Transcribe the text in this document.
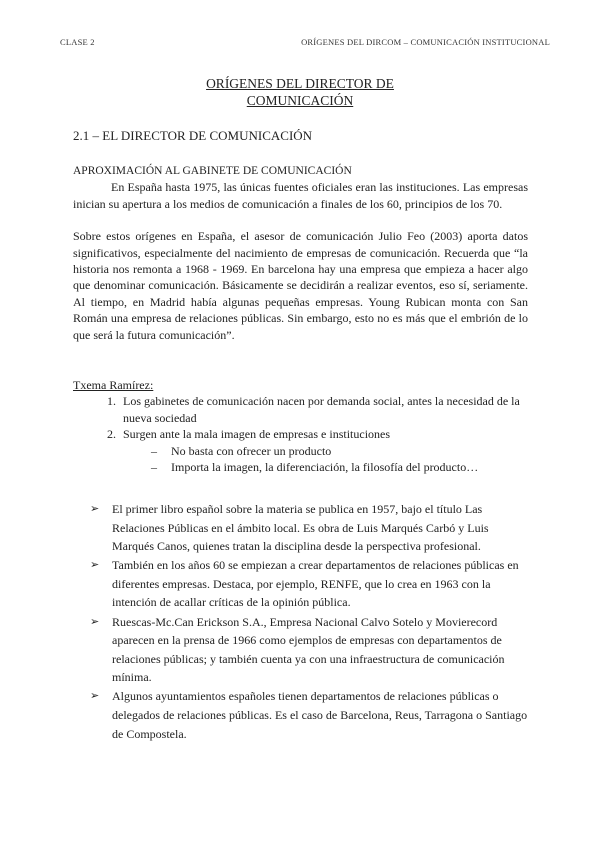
CLASE 2	ORÍGENES DEL DIRCOM – COMUNICACIÓN INSTITUCIONAL
ORÍGENES DEL DIRECTOR DE
COMUNICACIÓN
2.1 – EL DIRECTOR DE COMUNICACIÓN
APROXIMACIÓN AL GABINETE DE COMUNICACIÓN

En España hasta 1975, las únicas fuentes oficiales eran las instituciones. Las empresas inician su apertura a los medios de comunicación a finales de los 60, principios de los 70.

Sobre estos orígenes en España, el asesor de comunicación Julio Feo (2003) aporta datos significativos, especialmente del nacimiento de empresas de comunicación. Recuerda que “la historia nos remonta a 1968 - 1969. En barcelona hay una empresa que empieza a hacer algo que denominar comunicación. Básicamente se decidirán a realizar eventos, eso sí, seriamente. Al tiempo, en Madrid había algunas pequeñas empresas. Young Rubican monta con San Román una empresa de relaciones públicas. Sin embargo, esto no es más que el embrión de lo que será la futura comunicación”.

Txema Ramírez:
1. Los gabinetes de comunicación nacen por demanda social, antes la necesidad de la nueva sociedad
2. Surgen ante la mala imagen de empresas e instituciones
– No basta con ofrecer un producto
– Importa la imagen, la diferenciación, la filosofía del producto…
➢ El primer libro español sobre la materia se publica en 1957, bajo el título Las Relaciones Públicas en el ámbito local. Es obra de Luis Marqués Carbó y Luis Marqués Canos, quienes tratan la disciplina desde la perspectiva profesional.
➢ También en los años 60 se empiezan a crear departamentos de relaciones públicas en diferentes empresas. Destaca, por ejemplo, RENFE, que lo crea en 1963 con la intención de acallar críticas de la opinión pública.
➢ Ruescas-Mc.Can Erickson S.A., Empresa Nacional Calvo Sotelo y Movierecord aparecen en la prensa de 1966 como ejemplos de empresas con departamentos de relaciones públicas; y también cuenta ya con una infraestructura de comunicación mínima.
➢ Algunos ayuntamientos españoles tienen departamentos de relaciones públicas o delegados de relaciones públicas. Es el caso de Barcelona, Reus, Tarragona o Santiago de Compostela.
